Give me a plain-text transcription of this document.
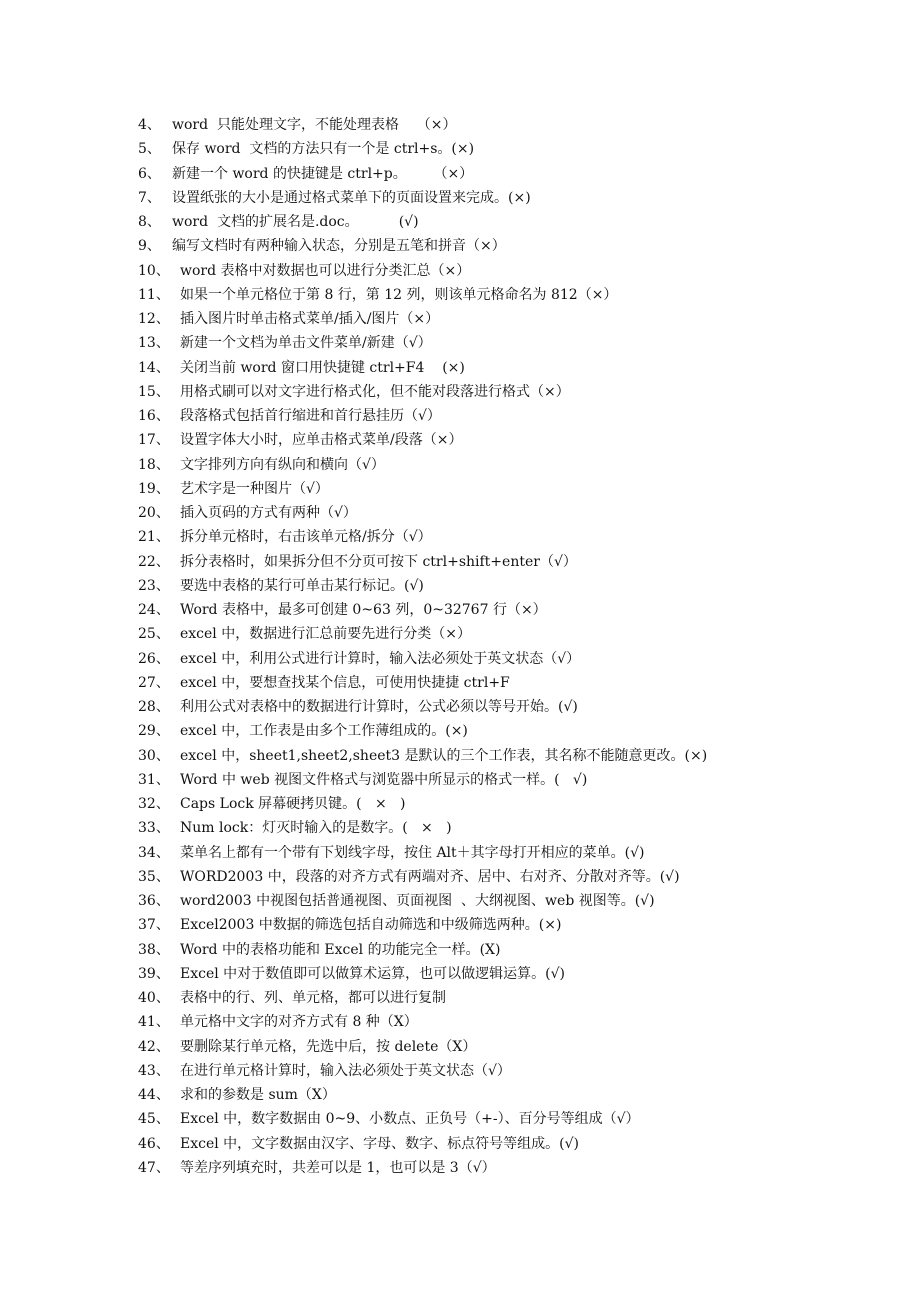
4、 word  只能处理文字，不能处理表格    （×）
5、 保存 word  文档的方法只有一个是 ctrl+s。(×)
6、 新建一个 word 的快捷键是 ctrl+p。      （×）
7、 设置纸张的大小是通过格式菜单下的页面设置来完成。(×)
8、 word  文档的扩展名是.doc。         (√)
9、 编写文档时有两种输入状态，分别是五笔和拼音（×）
10、 word 表格中对数据也可以进行分类汇总（×）
11、 如果一个单元格位于第 8 行，第 12 列，则该单元格命名为 812（×）
12、 插入图片时单击格式菜单/插入/图片（×）
13、 新建一个文档为单击文件菜单/新建（√）
14、 关闭当前 word 窗口用快捷键 ctrl+F4    (×)
15、 用格式刷可以对文字进行格式化，但不能对段落进行格式（×）
16、 段落格式包括首行缩进和首行悬挂历（√）
17、 设置字体大小时，应单击格式菜单/段落（×）
18、 文字排列方向有纵向和横向（√）
19、 艺术字是一种图片（√）
20、 插入页码的方式有两种（√）
21、 拆分单元格时，右击该单元格/拆分（√）
22、 拆分表格时，如果拆分但不分页可按下 ctrl+shift+enter（√）
23、 要选中表格的某行可单击某行标记。(√)
24、 Word 表格中，最多可创建 0~63 列，0~32767 行（×）
25、 excel 中，数据进行汇总前要先进行分类（×）
26、 excel 中，利用公式进行计算时，输入法必须处于英文状态（√）
27、 excel 中，要想查找某个信息，可使用快捷捷 ctrl+F
28、 利用公式对表格中的数据进行计算时，公式必须以等号开始。(√)
29、 excel 中，工作表是由多个工作薄组成的。(×)
30、 excel 中，sheet1,sheet2,sheet3 是默认的三个工作表，其名称不能随意更改。(×)
31、 Word 中 web 视图文件格式与浏览器中所显示的格式一样。(   √)
32、 Caps Lock 屏幕硬拷贝键。(   ×   )
33、 Num lock：灯灭时输入的是数字。(   ×   )
34、 菜单名上都有一个带有下划线字母，按住 Alt＋其字母打开相应的菜单。(√)
35、 WORD2003 中，段落的对齐方式有两端对齐、居中、右对齐、分散对齐等。(√)
36、 word2003 中视图包括普通视图、页面视图  、大纲视图、web 视图等。(√)
37、 Excel2003 中数据的筛选包括自动筛选和中级筛选两种。(×)
38、 Word 中的表格功能和 Excel 的功能完全一样。(X)
39、 Excel 中对于数值即可以做算术运算，也可以做逻辑运算。(√)
40、 表格中的行、列、单元格，都可以进行复制
41、 单元格中文字的对齐方式有 8 种（X）
42、 要删除某行单元格，先选中后，按 delete（X）
43、 在进行单元格计算时，输入法必须处于英文状态（√）
44、 求和的参数是 sum（X）
45、 Excel 中，数字数据由 0~9、小数点、正负号（+-）、百分号等组成（√）
46、 Excel 中，文字数据由汉字、字母、数字、标点符号等组成。(√)
47、 等差序列填充时，共差可以是 1，也可以是 3（√）
